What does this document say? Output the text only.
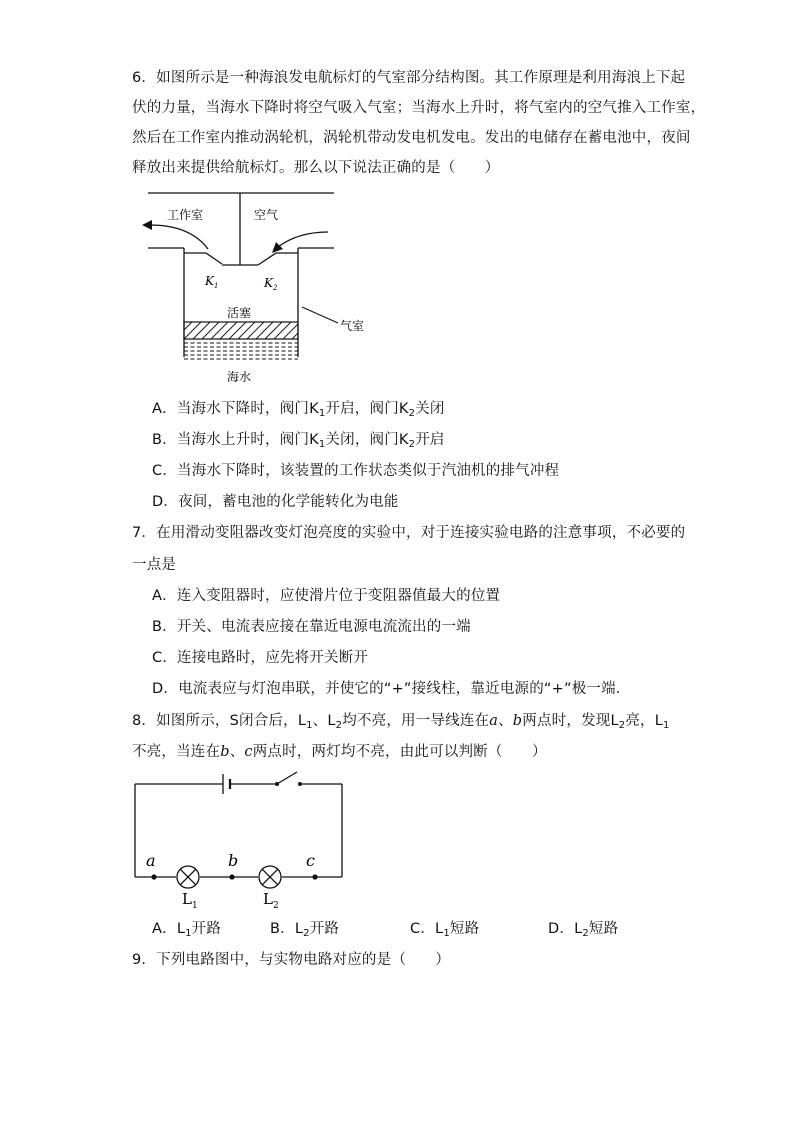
6．如图所示是一种海浪发电航标灯的气室部分结构图。其工作原理是利用海浪上下起
伏的力量，当海水下降时将空气吸入气室；当海水上升时，将气室内的空气推入工作室，
然后在工作室内推动涡轮机，涡轮机带动发电机发电。发出的电储存在蓄电池中，夜间
释放出来提供给航标灯。那么以下说法正确的是（　　）
工作室	空气
$K_1$	$K_2$
活塞
气室
海水
A．当海水下降时，阀门$K_1$开启，阀门$K_2$关闭
B．当海水上升时，阀门$K_1$关闭，阀门$K_2$开启
C．当海水下降时，该装置的工作状态类似于汽油机的排气冲程
D．夜间，蓄电池的化学能转化为电能
7．在用滑动变阻器改变灯泡亮度的实验中，对于连接实验电路的注意事项，不必要的
一点是
A．连入变阻器时，应使滑片位于变阻器值最大的位置
B．开关、电流表应接在靠近电源电流流出的一端
C．连接电路时，应先将开关断开
D．电流表应与灯泡串联，并使它的“+”接线柱，靠近电源的“+”极一端．
8．如图所示，S闭合后，$L_1$、$L_2$均不亮，用一导线连在a、b两点时，发现$L_2$亮，$L_1$
不亮，当连在b、c两点时，两灯均不亮，由此可以判断（　　）
a	b	c
$L_1$	$L_2$
A．$L_1$开路	B．$L_2$开路	C．$L_1$短路	D．$L_2$短路
9．下列电路图中，与实物电路对应的是（　　）
